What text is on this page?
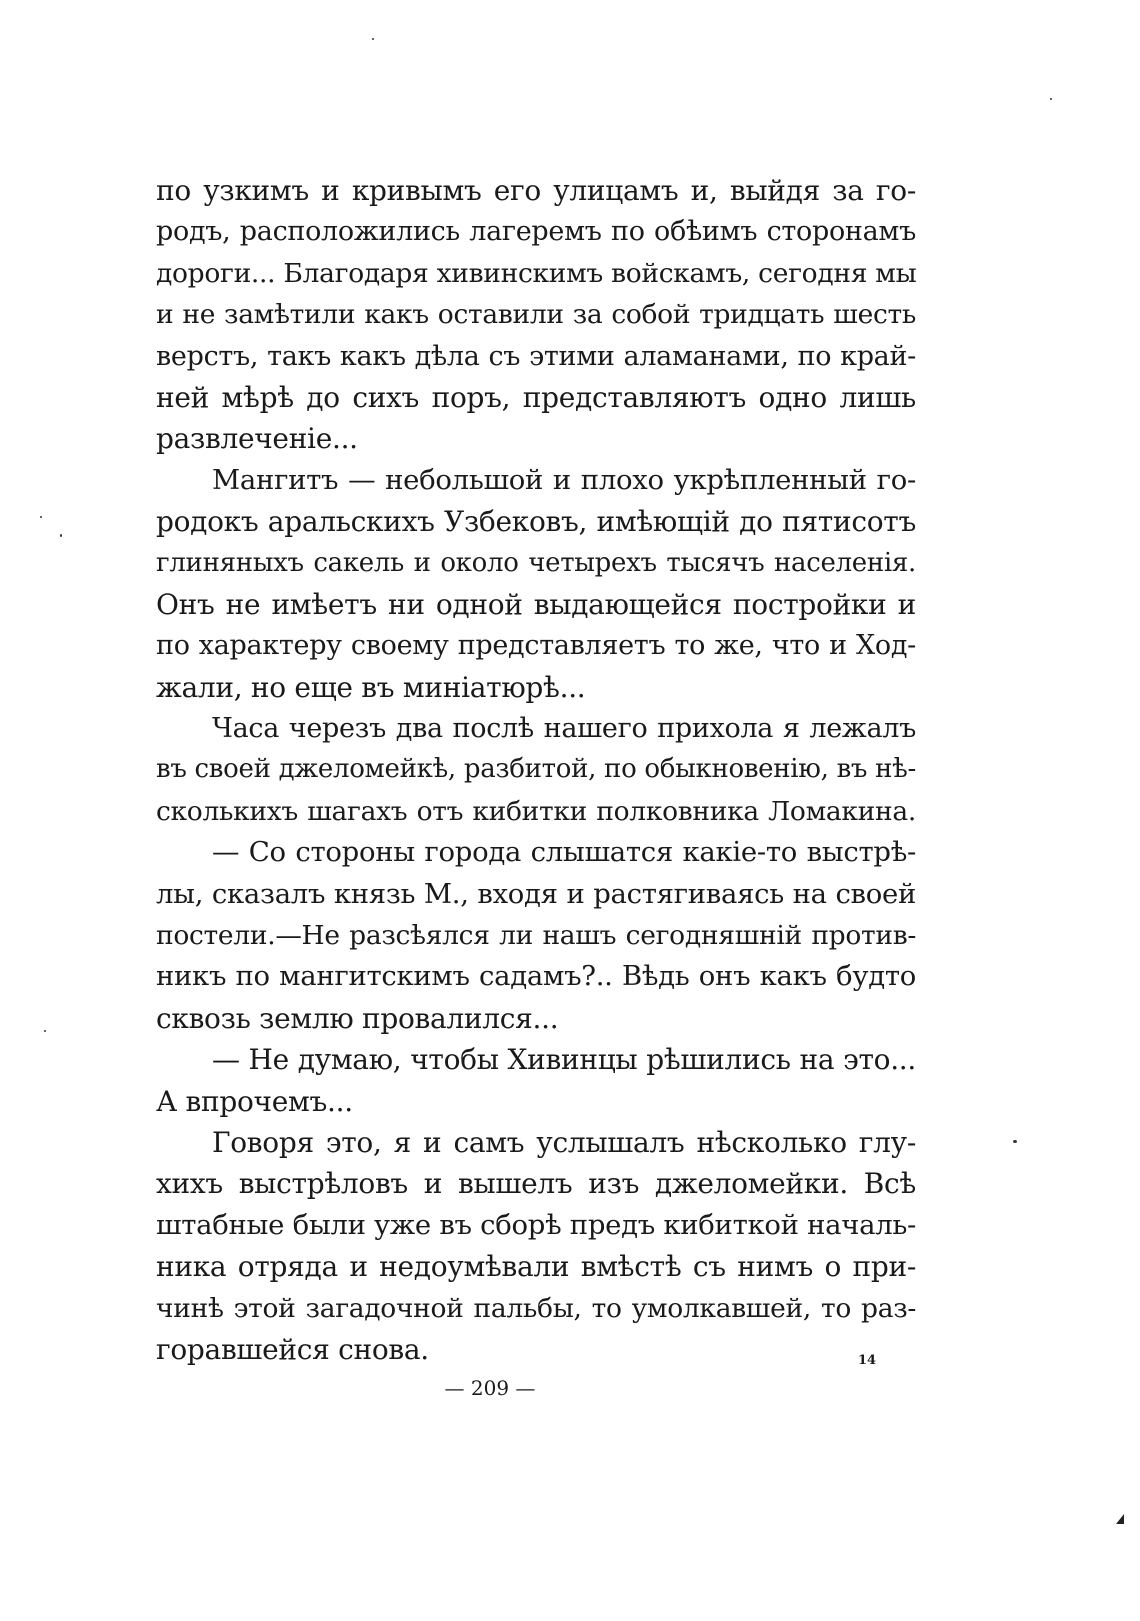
по узкимъ и кривымъ его улицамъ и, выйдя за го-
родъ, расположились лагеремъ по обѣимъ сторонамъ
дороги... Благодаря хивинскимъ войскамъ, сегодня мы
и не замѣтили какъ оставили за собой тридцать шесть
верстъ, такъ какъ дѣла съ этими аламанами, по край-
ней мѣрѣ до сихъ поръ, представляютъ одно лишь
развлеченіе...
Мангитъ — небольшой и плохо укрѣпленный го-
родокъ аральскихъ Узбековъ, имѣющій до пятисотъ
глиняныхъ сакель и около четырехъ тысячъ населенія.
Онъ не имѣетъ ни одной выдающейся постройки и
по характеру своему представляетъ то же, что и Ход-
жали, но еще въ миніатюрѣ...
Часа черезъ два послѣ нашего прихола я лежалъ
въ своей джеломейкѣ, разбитой, по обыкновенію, въ нѣ-
сколькихъ шагахъ отъ кибитки полковника Ломакина.
— Со стороны города слышатся какіе-то выстрѣ-
лы, сказалъ князь М., входя и растягиваясь на своей
постели.—Не разсѣялся ли нашъ сегодняшній против-
никъ по мангитскимъ садамъ?.. Вѣдь онъ какъ будто
сквозь землю провалился...
— Не думаю, чтобы Хивинцы рѣшились на это...
А впрочемъ...
Говоря это, я и самъ услышалъ нѣсколько глу-
хихъ выстрѣловъ и вышелъ изъ джеломейки. Всѣ
штабные были уже въ сборѣ предъ кибиткой началь-
ника отряда и недоумѣвали вмѣстѣ съ нимъ о при-
чинѣ этой загадочной пальбы, то умолкавшей, то раз-
горавшейся снова.
— 209 —
14
